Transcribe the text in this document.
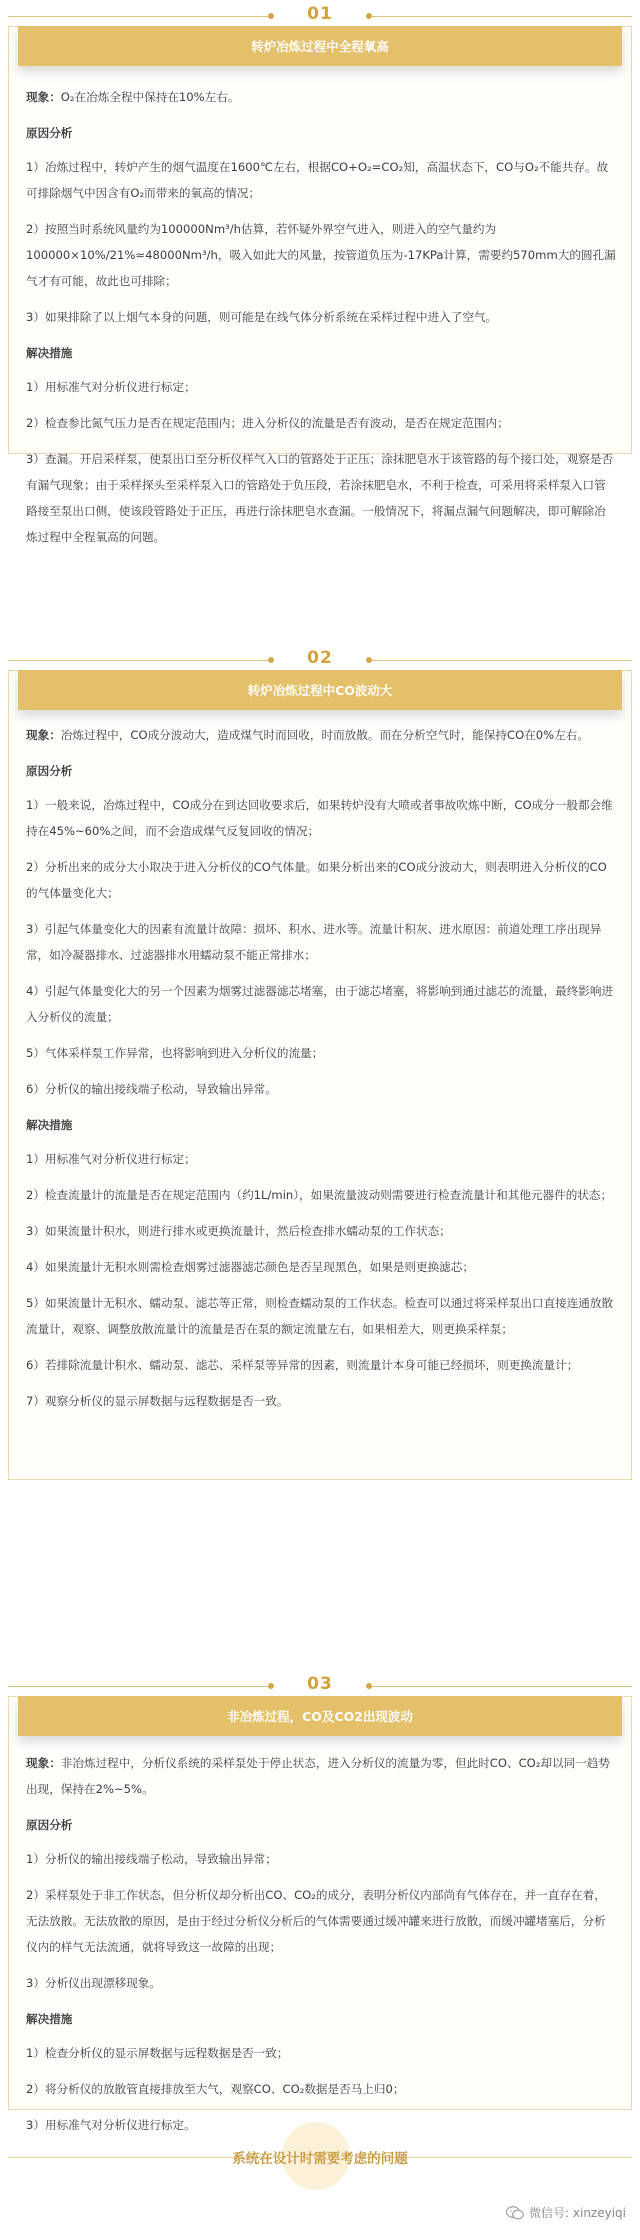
01
转炉冶炼过程中全程氧高

现象：O₂在冶炼全程中保持在10%左右。

原因分析

1）冶炼过程中，转炉产生的烟气温度在1600℃左右，根据CO+O₂=CO₂知，高温状态下，CO与O₂不能共存。故可排除烟气中因含有O₂而带来的氧高的情况；

2）按照当时系统风量约为100000Nm³/h估算，若怀疑外界空气进入，则进入的空气量约为100000×10%/21%≈48000Nm³/h，吸入如此大的风量，按管道负压为-17KPa计算，需要约570mm大的圆孔漏气才有可能，故此也可排除；

3）如果排除了以上烟气本身的问题，则可能是在线气体分析系统在采样过程中进入了空气。

解决措施

1）用标准气对分析仪进行标定；

2）检查参比氮气压力是否在规定范围内；进入分析仪的流量是否有波动，是否在规定范围内；

3）查漏。开启采样泵，使泵出口至分析仪样气入口的管路处于正压；涂抹肥皂水于该管路的每个接口处，观察是否有漏气现象；由于采样探头至采样泵入口的管路处于负压段，若涂抹肥皂水，不利于检查，可采用将采样泵入口管路接至泵出口侧，使该段管路处于正压，再进行涂抹肥皂水查漏。一般情况下，将漏点漏气问题解决，即可解除冶炼过程中全程氧高的问题。

02
转炉冶炼过程中CO波动大

现象：冶炼过程中，CO成分波动大，造成煤气时而回收，时而放散。而在分析空气时，能保持CO在0%左右。

原因分析

1）一般来说，冶炼过程中，CO成分在到达回收要求后，如果转炉没有大喷或者事故吹炼中断，CO成分一般都会维持在45%~60%之间，而不会造成煤气反复回收的情况；

2）分析出来的成分大小取决于进入分析仪的CO气体量。如果分析出来的CO成分波动大，则表明进入分析仪的CO的气体量变化大；

3）引起气体量变化大的因素有流量计故障：损坏、积水、进水等。流量计积灰、进水原因：前道处理工序出现异常，如冷凝器排水、过滤器排水用蠕动泵不能正常排水；

4）引起气体量变化大的另一个因素为烟雾过滤器滤芯堵塞，由于滤芯堵塞，将影响到通过滤芯的流量，最终影响进入分析仪的流量；

5）气体采样泵工作异常，也将影响到进入分析仪的流量；

6）分析仪的输出接线端子松动，导致输出异常。

解决措施

1）用标准气对分析仪进行标定；

2）检查流量计的流量是否在规定范围内（约1L/min），如果流量波动则需要进行检查流量计和其他元器件的状态；

3）如果流量计积水，则进行排水或更换流量计，然后检查排水蠕动泵的工作状态；

4）如果流量计无积水则需检查烟雾过滤器滤芯颜色是否呈现黑色，如果是则更换滤芯；

5）如果流量计无积水、蠕动泵、滤芯等正常，则检查蠕动泵的工作状态。检查可以通过将采样泵出口直接连通放散流量计，观察、调整放散流量计的流量是否在泵的额定流量左右，如果相差大，则更换采样泵；

6）若排除流量计积水、蠕动泵、滤芯、采样泵等异常的因素，则流量计本身可能已经损坏，则更换流量计；

7）观察分析仪的显示屏数据与远程数据是否一致。

03
非冶炼过程，CO及CO2出现波动

现象：非冶炼过程中，分析仪系统的采样泵处于停止状态，进入分析仪的流量为零，但此时CO、CO₂却以同一趋势出现，保持在2%~5%。

原因分析

1）分析仪的输出接线端子松动，导致输出异常；

2）采样泵处于非工作状态，但分析仪却分析出CO、CO₂的成分，表明分析仪内部尚有气体存在，并一直存在着，无法放散。无法放散的原因，是由于经过分析仪分析后的气体需要通过缓冲罐来进行放散，而缓冲罐堵塞后，分析仪内的样气无法流通，就将导致这一故障的出现；

3）分析仪出现漂移现象。

解决措施

1）检查分析仪的显示屏数据与远程数据是否一致；

2）将分析仪的放散管直接排放至大气，观察CO、CO₂数据是否马上归0；

3）用标准气对分析仪进行标定。

系统在设计时需要考虑的问题
微信号: xinzeyiqi
